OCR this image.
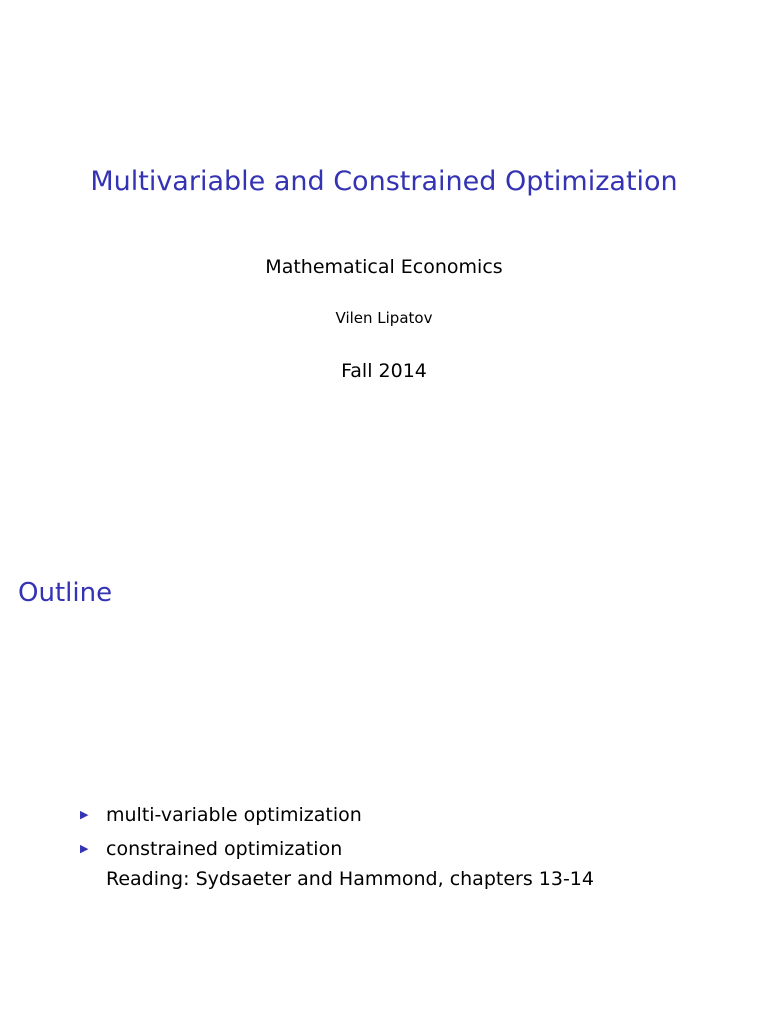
Multivariable and Constrained Optimization
Mathematical Economics
Vilen Lipatov
Fall 2014
Outline
▶ multi-variable optimization
▶ constrained optimization
Reading: Sydsaeter and Hammond, chapters 13-14
